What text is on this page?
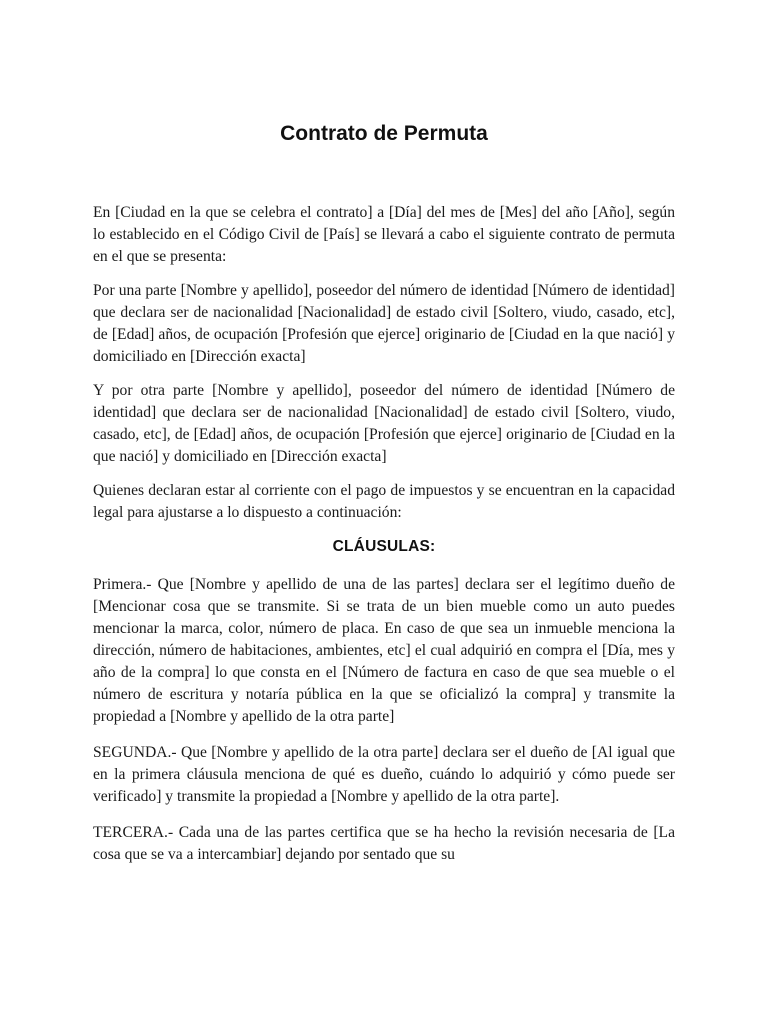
Contrato de Permuta

En [Ciudad en la que se celebra el contrato] a [Día] del mes de [Mes] del año [Año], según lo establecido en el Código Civil de [País] se llevará a cabo el siguiente contrato de permuta en el que se presenta:

Por una parte [Nombre y apellido], poseedor del número de identidad [Número de identidad] que declara ser de nacionalidad [Nacionalidad] de estado civil [Soltero, viudo, casado, etc], de [Edad] años, de ocupación [Profesión que ejerce] originario de [Ciudad en la que nació] y domiciliado en [Dirección exacta]

Y por otra parte [Nombre y apellido], poseedor del número de identidad [Número de identidad] que declara ser de nacionalidad [Nacionalidad] de estado civil [Soltero, viudo, casado, etc], de [Edad] años, de ocupación [Profesión que ejerce] originario de [Ciudad en la que nació] y domiciliado en [Dirección exacta]

Quienes declaran estar al corriente con el pago de impuestos y se encuentran en la capacidad legal para ajustarse a lo dispuesto a continuación:

CLÁUSULAS:

Primera.- Que [Nombre y apellido de una de las partes] declara ser el legítimo dueño de [Mencionar cosa que se transmite. Si se trata de un bien mueble como un auto puedes mencionar la marca, color, número de placa. En caso de que sea un inmueble menciona la dirección, número de habitaciones, ambientes, etc] el cual adquirió en compra el [Día, mes y año de la compra] lo que consta en el [Número de factura en caso de que sea mueble o el número de escritura y notaría pública en la que se oficializó la compra] y transmite la propiedad a [Nombre y apellido de la otra parte]

SEGUNDA.- Que [Nombre y apellido de la otra parte] declara ser el dueño de [Al igual que en la primera cláusula menciona de qué es dueño, cuándo lo adquirió y cómo puede ser verificado] y transmite la propiedad a [Nombre y apellido de la otra parte].

TERCERA.- Cada una de las partes certifica que se ha hecho la revisión necesaria de [La cosa que se va a intercambiar] dejando por sentado que su
